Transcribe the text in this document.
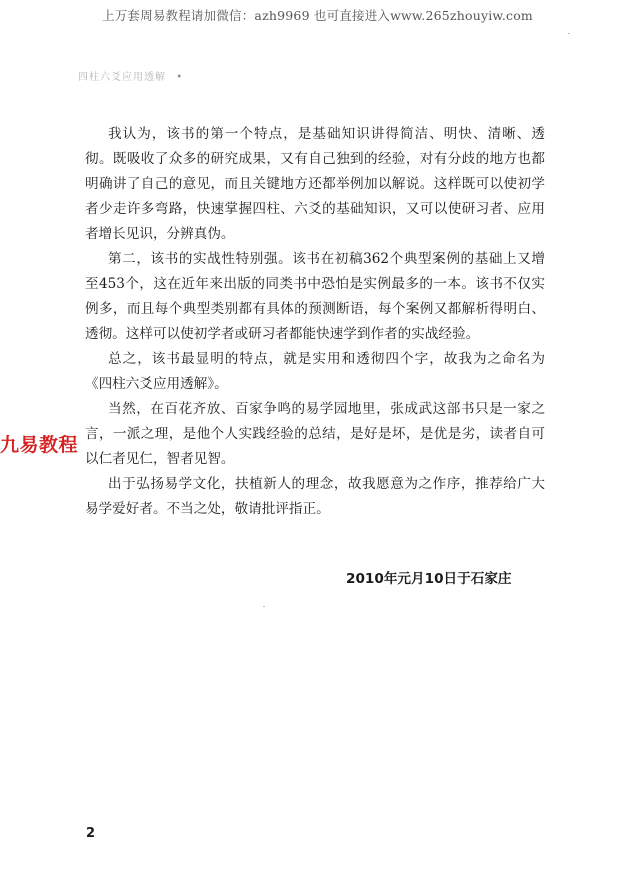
上万套周易教程请加微信：azh9969 也可直接进入www.265zhouyiw.com
四柱六爻应用透解 •
我认为，该书的第一个特点，是基础知识讲得简洁、明快、清晰、透
彻。既吸收了众多的研究成果，又有自己独到的经验，对有分歧的地方也都
明确讲了自己的意见，而且关键地方还都举例加以解说。这样既可以使初学
者少走许多弯路，快速掌握四柱、六爻的基础知识，又可以使研习者、应用
者增长见识，分辨真伪。
第二，该书的实战性特别强。该书在初稿362个典型案例的基础上又增
至453个，这在近年来出版的同类书中恐怕是实例最多的一本。该书不仅实
例多，而且每个典型类别都有具体的预测断语，每个案例又都解析得明白、
透彻。这样可以使初学者或研习者都能快速学到作者的实战经验。
总之，该书最显明的特点，就是实用和透彻四个字，故我为之命名为
《四柱六爻应用透解》。
当然，在百花齐放、百家争鸣的易学园地里，张成武这部书只是一家之
言，一派之理，是他个人实践经验的总结，是好是坏，是优是劣，读者自可
以仁者见仁，智者见智。
出于弘扬易学文化，扶植新人的理念，故我愿意为之作序，推荐给广大
易学爱好者。不当之处，敬请批评指正。
九易教程
2010年元月10日于石家庄
2
